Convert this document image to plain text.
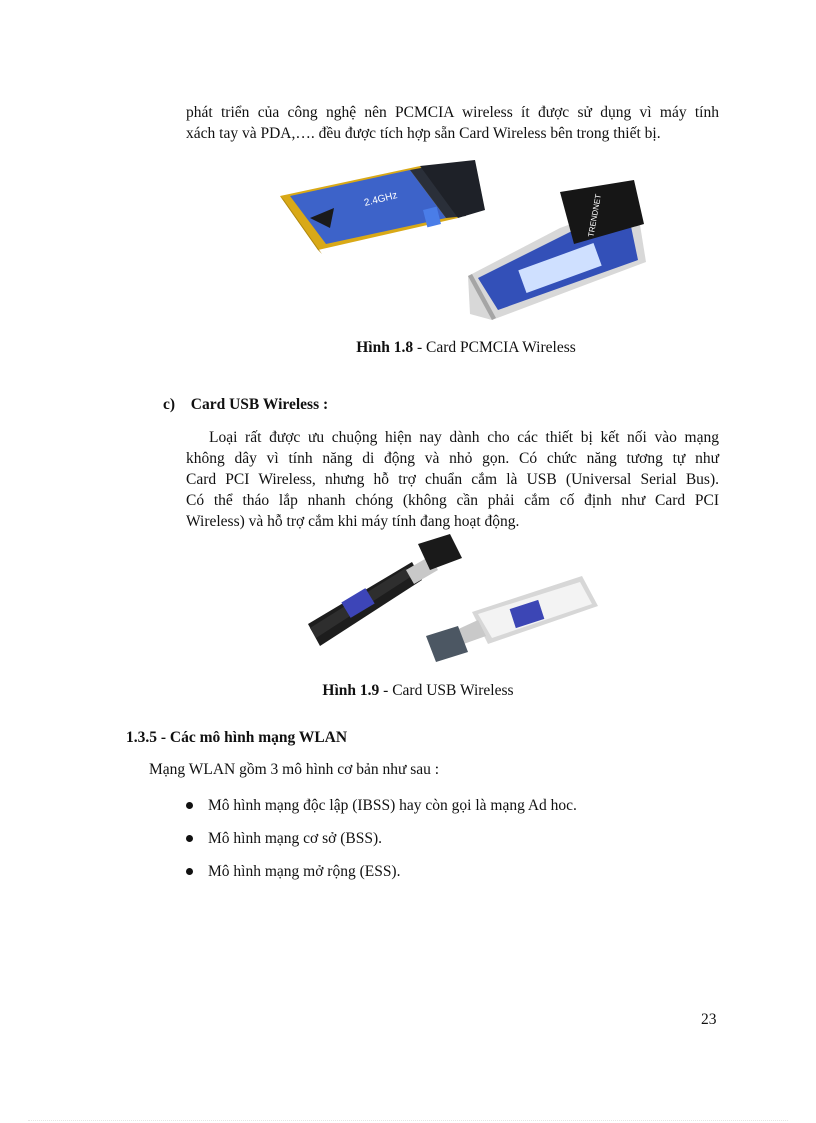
phát triển của công nghệ nên PCMCIA wireless ít được sử dụng vì máy tính
xách tay và PDA,…. đều được tích hợp sẵn Card Wireless bên trong thiết bị.
2.4GHz	TRENDNET
Hình 1.8 - Card PCMCIA Wireless
c) Card USB Wireless :
Loại rất được ưu chuộng hiện nay dành cho các thiết bị kết nối vào mạng
không dây vì tính năng di động và nhỏ gọn. Có chức năng tương tự như
Card PCI Wireless, nhưng hỗ trợ chuẩn cắm là USB (Universal Serial Bus).
Có thể tháo lắp nhanh chóng (không cần phải cắm cố định như Card PCI
Wireless) và hỗ trợ cắm khi máy tính đang hoạt động.
Hình 1.9 - Card USB Wireless
1.3.5 - Các mô hình mạng WLAN
Mạng WLAN gồm 3 mô hình cơ bản như sau :
Mô hình mạng độc lập (IBSS) hay còn gọi là mạng Ad hoc.
Mô hình mạng cơ sở (BSS).
Mô hình mạng mở rộng (ESS).
23
